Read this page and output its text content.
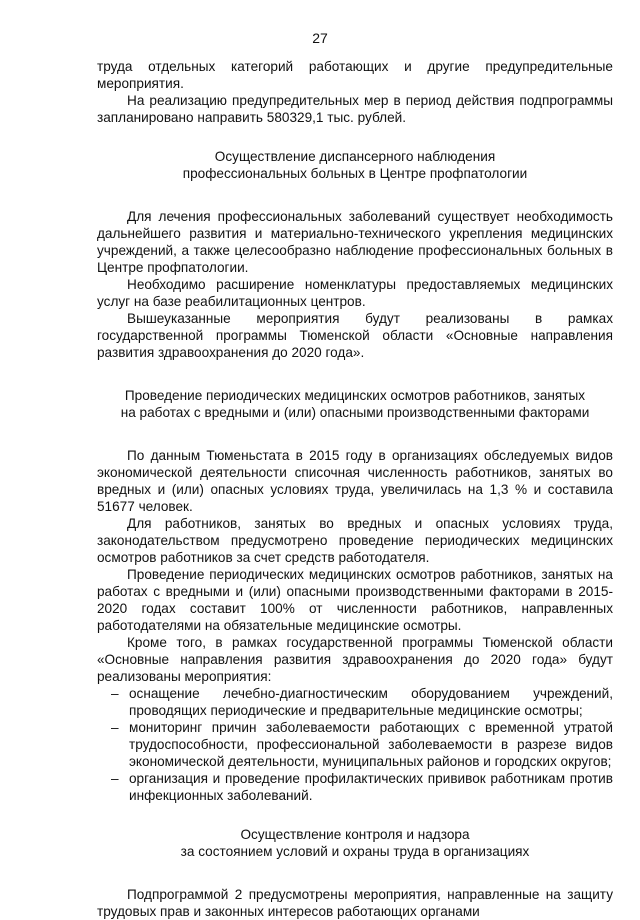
27

труда отдельных категорий работающих и другие предупредительные мероприятия.

На реализацию предупредительных мер в период действия подпрограммы запланировано направить 580329,1 тыс. рублей.

Осуществление диспансерного наблюдения
профессиональных больных в Центре профпатологии

Для лечения профессиональных заболеваний существует необходимость дальнейшего развития и материально-технического укрепления медицинских учреждений, а также целесообразно наблюдение профессиональных больных в Центре профпатологии.

Необходимо расширение номенклатуры предоставляемых медицинских услуг на базе реабилитационных центров.

Вышеуказанные мероприятия будут реализованы в рамках государственной программы Тюменской области «Основные направления развития здравоохранения до 2020 года».

Проведение периодических медицинских осмотров работников, занятых
на работах с вредными и (или) опасными производственными факторами

По данным Тюменьстата в 2015 году в организациях обследуемых видов экономической деятельности списочная численность работников, занятых во вредных и (или) опасных условиях труда, увеличилась на 1,3 % и составила 51677 человек.

Для работников, занятых во вредных и опасных условиях труда, законодательством предусмотрено проведение периодических медицинских осмотров работников за счет средств работодателя.

Проведение периодических медицинских осмотров работников, занятых на работах с вредными и (или) опасными производственными факторами в 2015-2020 годах составит 100% от численности работников, направленных работодателями на обязательные медицинские осмотры.

Кроме того, в рамках государственной программы Тюменской области «Основные направления развития здравоохранения до 2020 года» будут реализованы мероприятия:

– оснащение лечебно-диагностическим оборудованием учреждений, проводящих периодические и предварительные медицинские осмотры;
– мониторинг причин заболеваемости работающих с временной утратой трудоспособности, профессиональной заболеваемости в разрезе видов экономической деятельности, муниципальных районов и городских округов;
– организация и проведение профилактических прививок работникам против инфекционных заболеваний.

Осуществление контроля и надзора
за состоянием условий и охраны труда в организациях

Подпрограммой 2 предусмотрены мероприятия, направленные на защиту трудовых прав и законных интересов работающих органами
